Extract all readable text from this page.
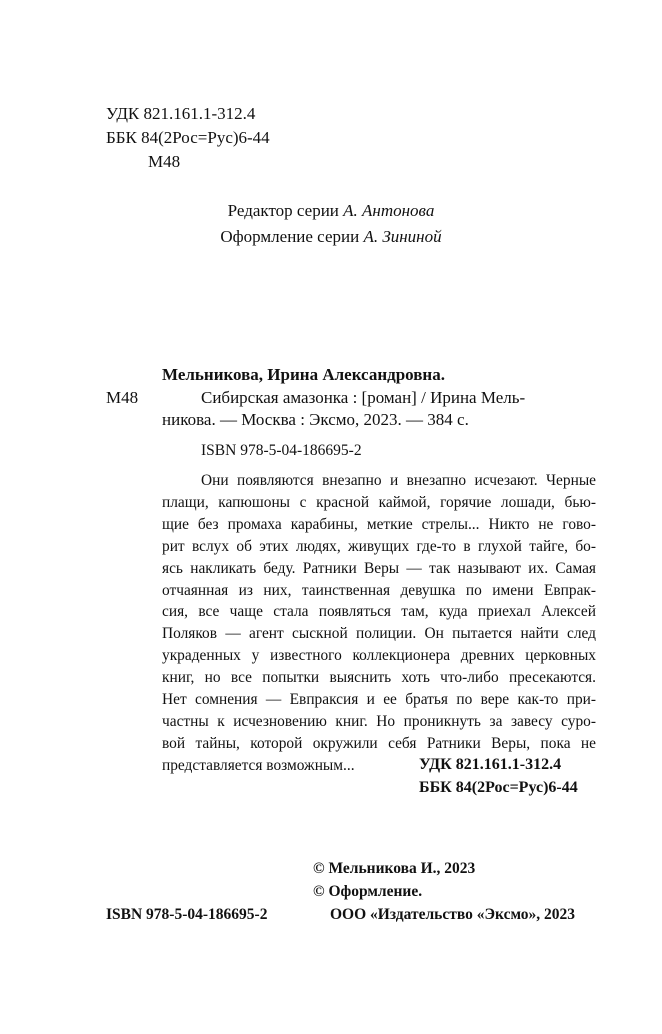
УДК 821.161.1-312.4
ББК 84(2Рос=Рус)6-44
М48
Редактор серии А. Антонова
Оформление серии А. Зининой
Мельникова, Ирина Александровна.
М48	Сибирская амазонка : [роман] / Ирина Мель-
никова. — Москва : Эксмо, 2023. — 384 с.
ISBN 978-5-04-186695-2
Они появляются внезапно и внезапно исчезают. Черные
плащи, капюшоны с красной каймой, горячие лошади, бью-
щие без промаха карабины, меткие стрелы... Никто не гово-
рит вслух об этих людях, живущих где-то в глухой тайге, бо-
ясь накликать беду. Ратники Веры — так называют их. Самая
отчаянная из них, таинственная девушка по имени Евпрак-
сия, все чаще стала появляться там, куда приехал Алексей
Поляков — агент сыскной полиции. Он пытается найти след
украденных у известного коллекционера древних церковных
книг, но все попытки выяснить хоть что-либо пресекаются.
Нет сомнения — Евпраксия и ее братья по вере как-то при-
частны к исчезновению книг. Но проникнуть за завесу суро-
вой тайны, которой окружили себя Ратники Веры, пока не
представляется возможным...	УДК 821.161.1-312.4
ББК 84(2Рос=Рус)6-44
© Мельникова И., 2023
© Оформление.
ISBN 978-5-04-186695-2	ООО «Издательство «Эксмо», 2023
